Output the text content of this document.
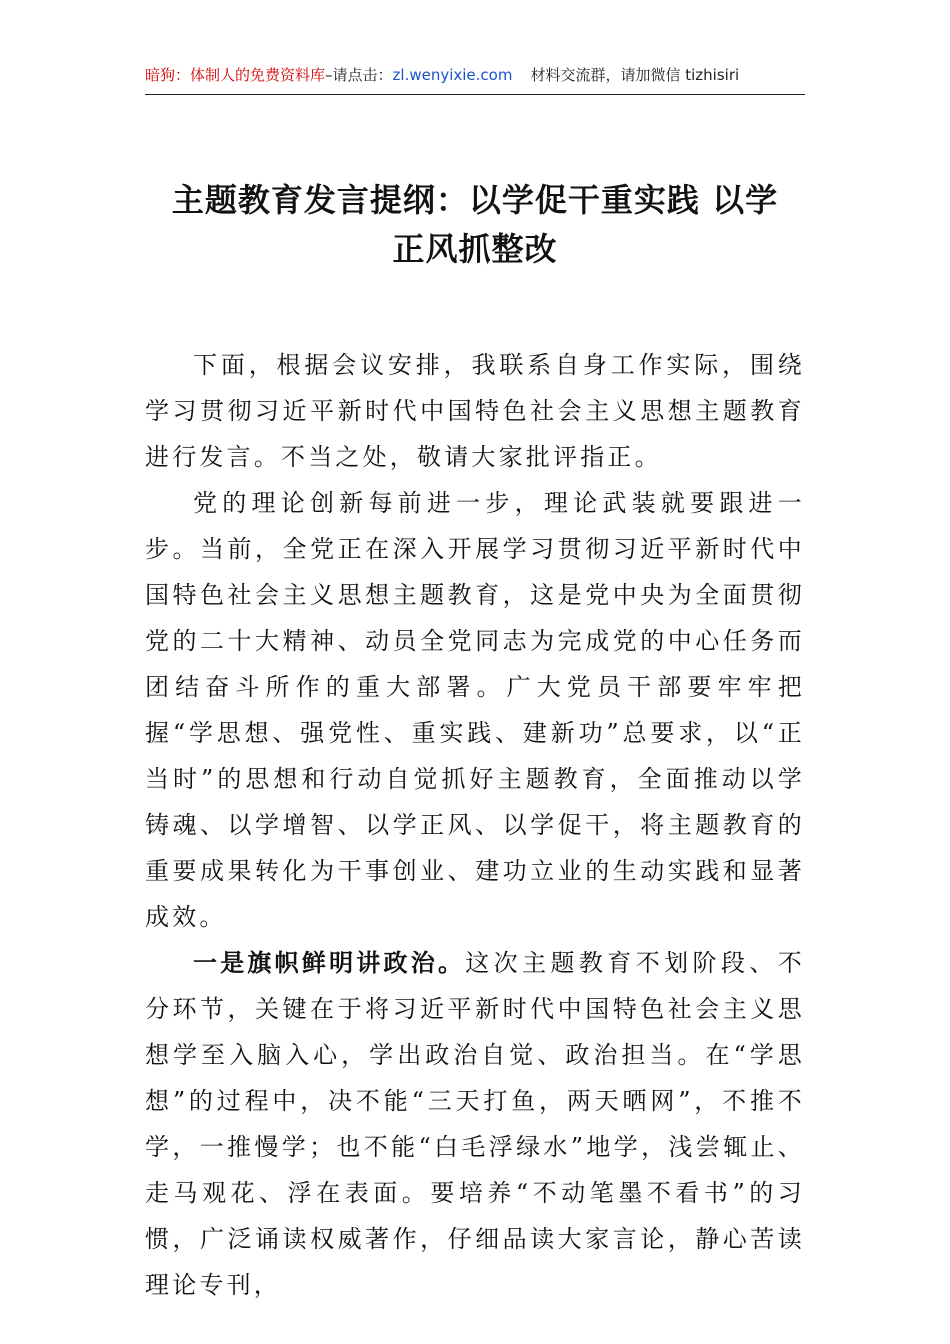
暗狗：体制人的免费资料库–请点击：zl.wenyixie.com 材料交流群，请加微信 tizhisiri
主题教育发言提纲：以学促干重实践 以学
正风抓整改

下面，根据会议安排，我联系自身工作实际，围绕学习贯彻习近平新时代中国特色社会主义思想主题教育进行发言。不当之处，敬请大家批评指正。

党的理论创新每前进一步，理论武装就要跟进一步。当前，全党正在深入开展学习贯彻习近平新时代中国特色社会主义思想主题教育，这是党中央为全面贯彻党的二十大精神、动员全党同志为完成党的中心任务而团结奋斗所作的重大部署。广大党员干部要牢牢把握“学思想、强党性、重实践、建新功”总要求，以“正当时”的思想和行动自觉抓好主题教育，全面推动以学铸魂、以学增智、以学正风、以学促干，将主题教育的重要成果转化为干事创业、建功立业的生动实践和显著成效。

一是旗帜鲜明讲政治。这次主题教育不划阶段、不分环节，关键在于将习近平新时代中国特色社会主义思想学至入脑入心，学出政治自觉、政治担当。在“学思想”的过程中，决不能“三天打鱼，两天晒网”，不推不学，一推慢学；也不能“白毛浮绿水”地学，浅尝辄止、走马观花、浮在表面。要培养“不动笔墨不看书”的习惯，广泛诵读权威著作，仔细品读大家言论，静心苦读理论专刊，
